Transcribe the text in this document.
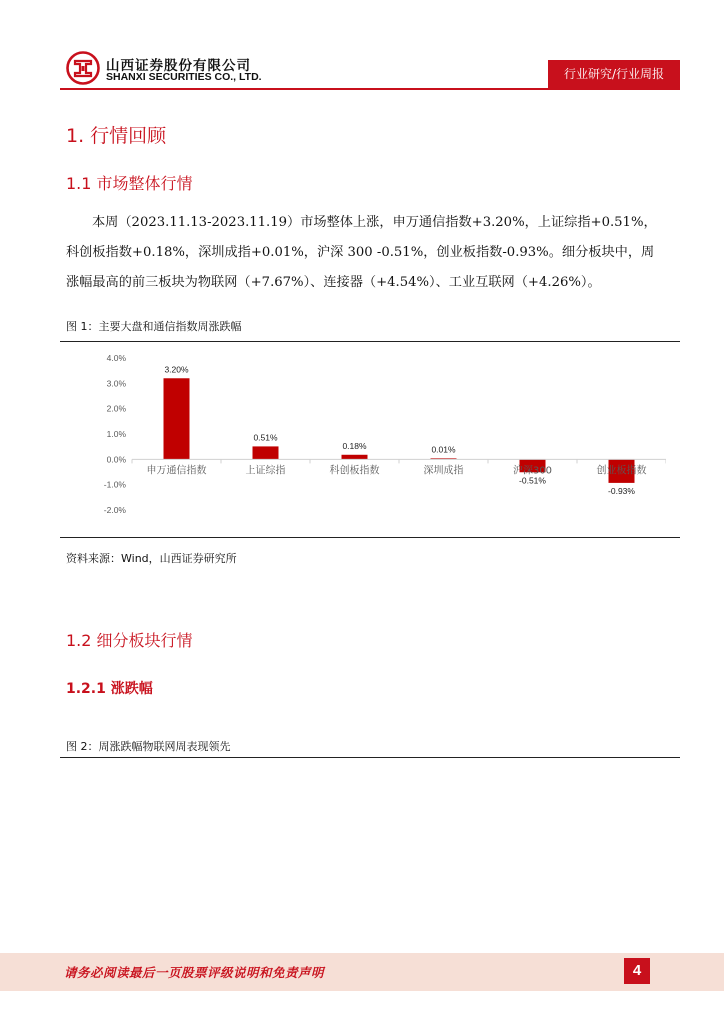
山西证券股份有限公司
SHANXI SECURITIES CO., LTD.	行业研究/行业周报
1. 行情回顾
1.1 市场整体行情

本周（2023.11.13-2023.11.19）市场整体上涨，申万通信指数+3.20%，上证综指+0.51%，科创板指数+0.18%，深圳成指+0.01%，沪深 300 -0.51%，创业板指数-0.93%。细分板块中，周涨幅最高的前三板块为物联网（+7.67%）、连接器（+4.54%）、工业互联网（+4.26%）。

图 1：主要大盘和通信指数周涨跌幅
4.0%
3.0%
2.0%
1.0%
0.0%
-1.0%
-2.0%
申万通信指数	上证综指	科创板指数	深圳成指	沪深300	创业板指数
3.20%
0.51%
0.18%	0.01%
-0.51%
-0.93%
资料来源：Wind，山西证券研究所
1.2 细分板块行情
1.2.1 涨跌幅
图 2：周涨跌幅物联网周表现领先
请务必阅读最后一页股票评级说明和免责声明	4
